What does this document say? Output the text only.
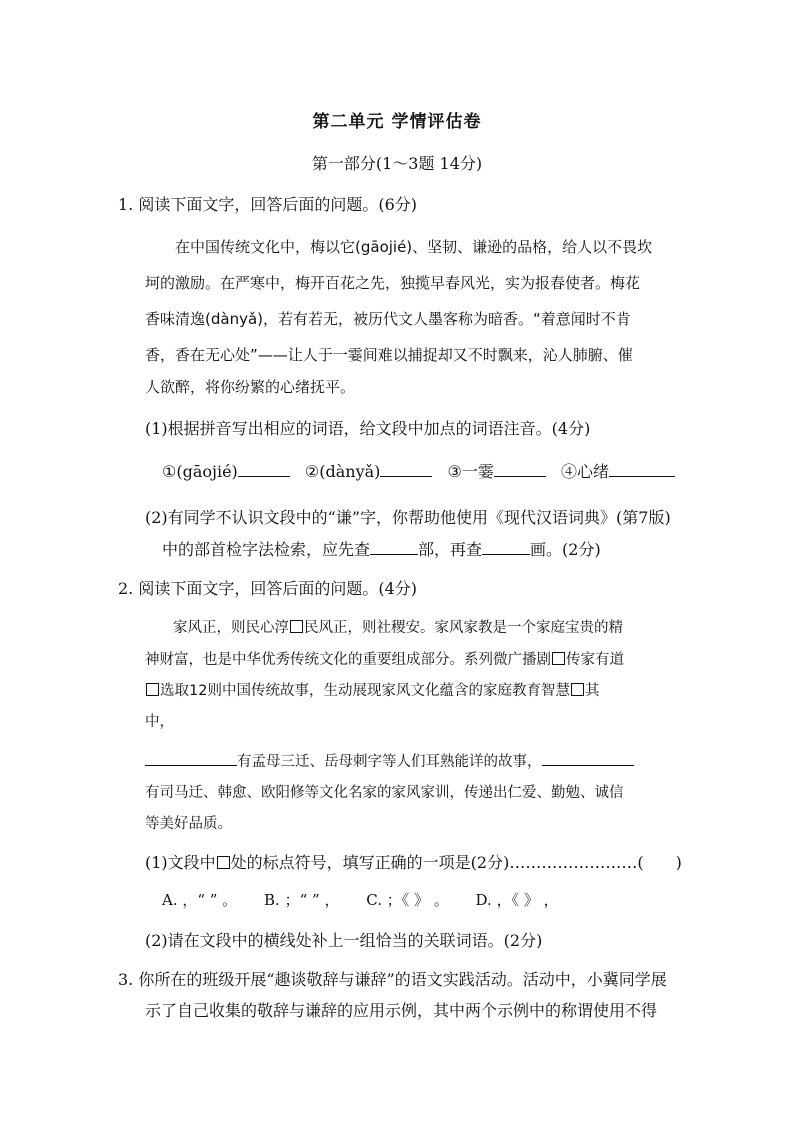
第二单元 学情评估卷
第一部分(1～3题 14分)
1. 阅读下面文字，回答后面的问题。(6分)
在中国传统文化中，梅以它(gāojié)、坚韧、谦逊的品格，给人以不畏坎
坷的激励。在严寒中，梅开百花之先，独揽早春风光，实为报春使者。梅花
香味清逸(dànyǎ)，若有若无，被历代文人墨客称为暗香。“着意闻时不肯
香，香在无心处”——让人于一霎间难以捕捉却又不时飘来，沁人肺腑、催
人欲醉，将你纷繁的心绪抚平。
(1)根据拼音写出相应的词语，给文段中加点的词语注音。(4分)
①(gāojié)	②(dànyǎ)	③一霎	④心绪
(2)有同学不认识文段中的“谦”字，你帮助他使用《现代汉语词典》(第7版)
中的部首检字法检索，应先查	部，再查	画。(2分)
2. 阅读下面文字，回答后面的问题。(4分)
家风正，则民心淳 民风正，则社稷安。家风家教是一个家庭宝贵的精
神财富，也是中华优秀传统文化的重要组成部分。系列微广播剧 传家有道
选取12则中国传统故事，生动展现家风文化蕴含的家庭教育智慧 其
中，
有孟母三迁、岳母刺字等人们耳熟能详的故事，
有司马迁、韩愈、欧阳修等文化名家的家风家训，传递出仁爱、勤勉、诚信
等美好品质。
(1)文段中 处的标点符号，填写正确的一项是(2分)……………………(　　)
A. ，“ ” 。 B. ；“ ” ， C. ；《 》 。 D. ，《 》 ，
(2)请在文段中的横线处补上一组恰当的关联词语。(2分)
3. 你所在的班级开展“趣谈敬辞与谦辞”的语文实践活动。活动中，小冀同学展
示了自己收集的敬辞与谦辞的应用示例，其中两个示例中的称谓使用不得
